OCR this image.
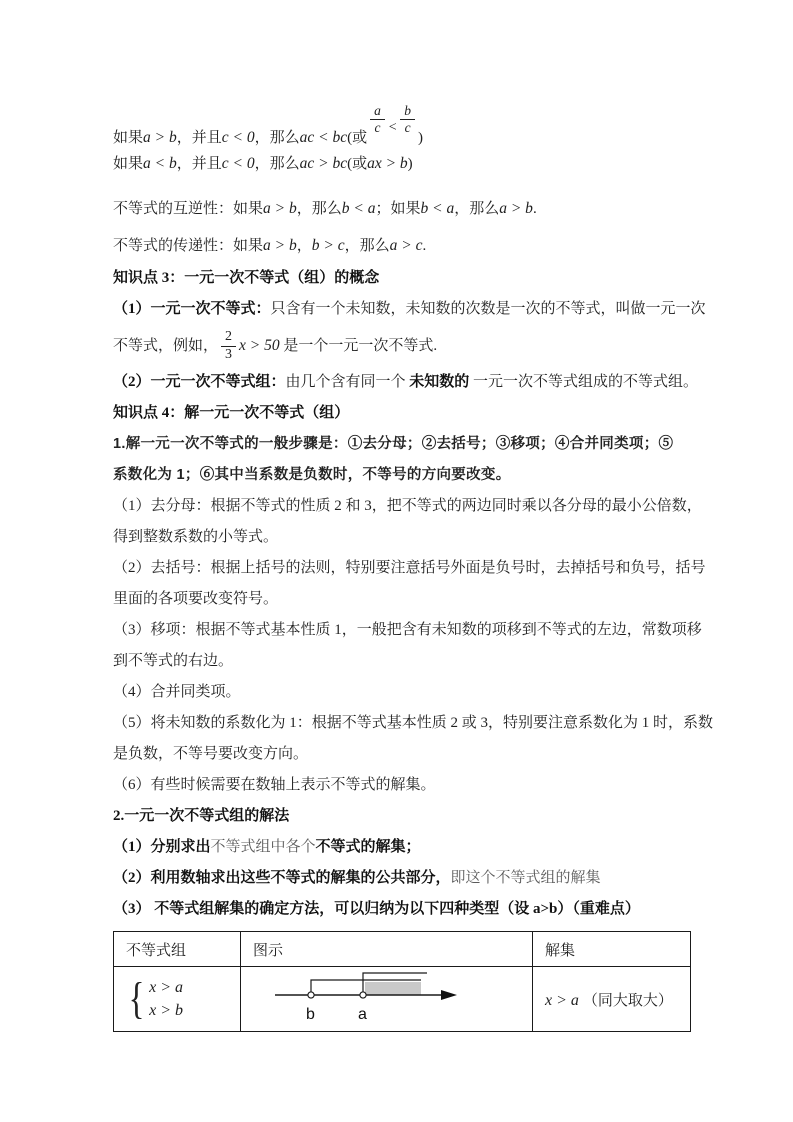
如果a > b，并且c < 0，那么ac < bc(或
$\frac{a}{c} < \frac{b}{c}$
)
如果a < b，并且c < 0，那么ac > bc(或ax > b)
不等式的互逆性：如果a > b，那么b < a；如果b < a，那么a > b.
不等式的传递性：如果a > b，b > c，那么a > c.
知识点 3：一元一次不等式（组）的概念
（1）一元一次不等式：只含有一个未知数，未知数的次数是一次的不等式，叫做一元一次
不等式，例如， $\frac{2}{3}$ x > 50 是一个一元一次不等式.
（2）一元一次不等式组：由几个含有同一个 未知数的 一元一次不等式组成的不等式组。
知识点 4：解一元一次不等式（组）
1.解一元一次不等式的一般步骤是：①去分母；②去括号；③移项；④合并同类项；⑤
系数化为 1；⑥其中当系数是负数时，不等号的方向要改变。
（1）去分母：根据不等式的性质 2 和 3，把不等式的两边同时乘以各分母的最小公倍数，
得到整数系数的小等式。
（2）去括号：根据上括号的法则，特别要注意括号外面是负号时，去掉括号和负号，括号
里面的各项要改变符号。
（3）移项：根据不等式基本性质 1，一般把含有未知数的项移到不等式的左边，常数项移
到不等式的右边。
（4）合并同类项。
（5）将未知数的系数化为 1：根据不等式基本性质 2 或 3，特别要注意系数化为 1 时，系数
是负数，不等号要改变方向。
（6）有些时候需要在数轴上表示不等式的解集。
2.一元一次不等式组的解法
（1）分别求出不等式组中各个不等式的解集；
（2）利用数轴求出这些不等式的解集的公共部分，即这个不等式组的解集
（3） 不等式组解集的确定方法，可以归纳为以下四种类型（设 a>b）（重难点）
不等式组	图示	解集

{ x > a
x > b	b a	x > a （同大取大）
